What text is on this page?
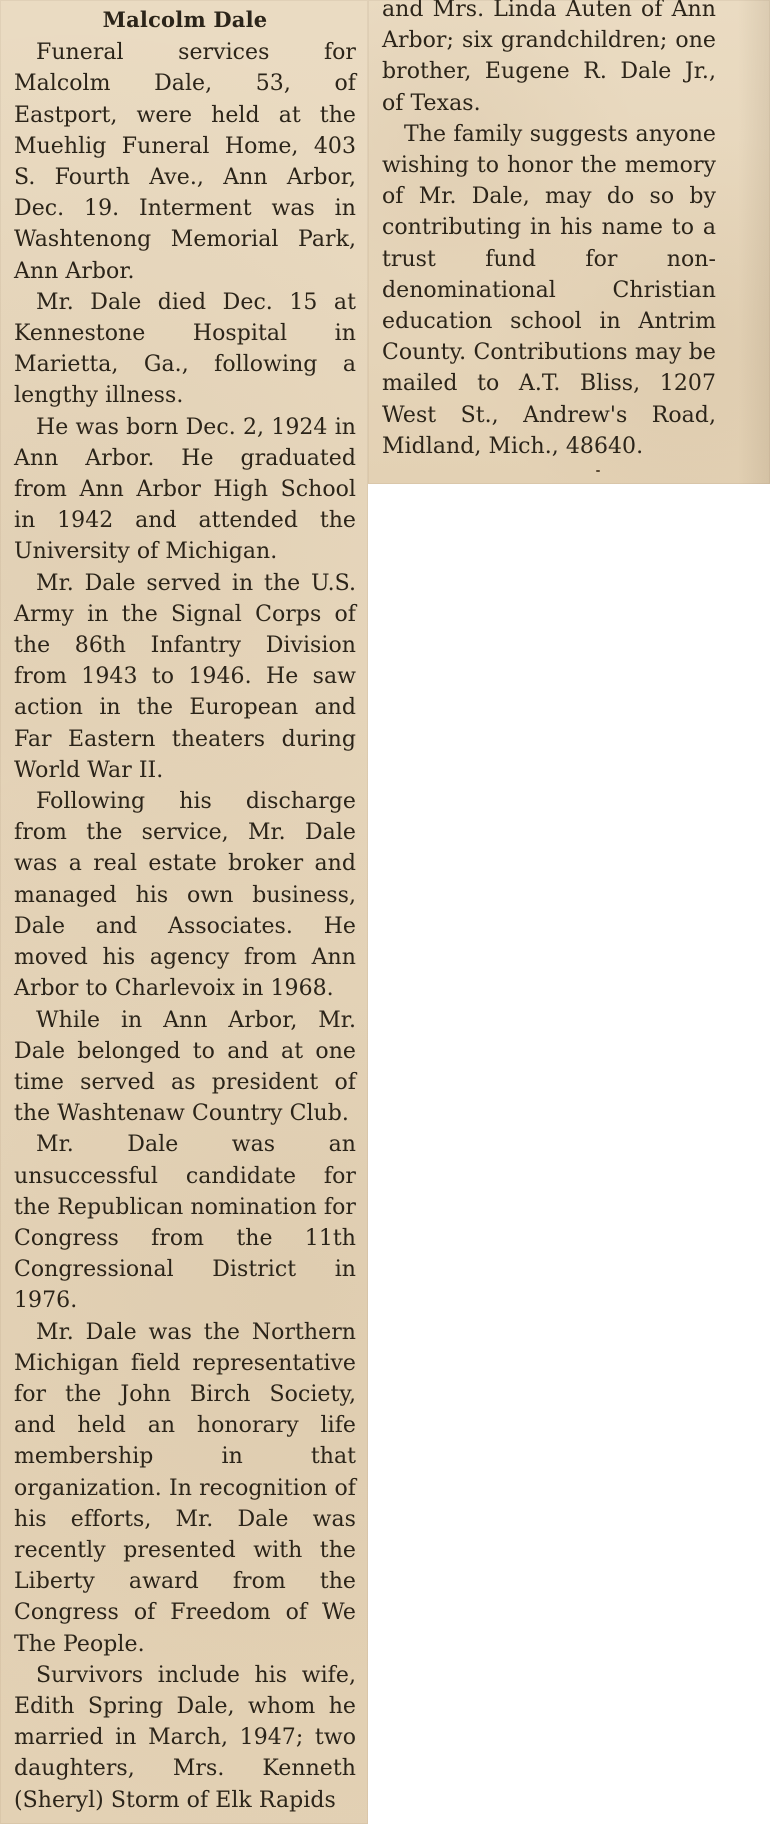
Malcolm Dale

Funeral services for Malcolm Dale, 53, of Eastport, were held at the Muehlig Funeral Home, 403 S. Fourth Ave., Ann Arbor, Dec. 19. Interment was in Washtenong Memorial Park, Ann Arbor.

Mr. Dale died Dec. 15 at Kennestone Hospital in Marietta, Ga., following a lengthy illness.

He was born Dec. 2, 1924 in Ann Arbor. He graduated from Ann Arbor High School in 1942 and attended the University of Michigan.

Mr. Dale served in the U.S. Army in the Signal Corps of the 86th Infantry Division from 1943 to 1946. He saw action in the European and Far Eastern theaters during World War II.

Following his discharge from the service, Mr. Dale was a real estate broker and managed his own business, Dale and Associates. He moved his agency from Ann Arbor to Charlevoix in 1968.

While in Ann Arbor, Mr. Dale belonged to and at one time served as president of the Washtenaw Country Club.

Mr. Dale was an unsuccessful candidate for the Republican nomination for Congress from the 11th Congressional District in 1976.

Mr. Dale was the Northern Michigan field representative for the John Birch Society, and held an honorary life membership in that organization. In recognition of his efforts, Mr. Dale was recently presented with the Liberty award from the Congress of Freedom of We The People.

Survivors include his wife, Edith Spring Dale, whom he married in March, 1947; two daughters, Mrs. Kenneth (Sheryl) Storm of Elk Rapids

and Mrs. Linda Auten of Ann Arbor; six grandchildren; one brother, Eugene R. Dale Jr., of Texas.

The family suggests anyone wishing to honor the memory of Mr. Dale, may do so by contributing in his name to a trust fund for non-denominational Christian education school in Antrim County. Contributions may be mailed to A.T. Bliss, 1207 West St., Andrew's Road, Midland, Mich., 48640.
